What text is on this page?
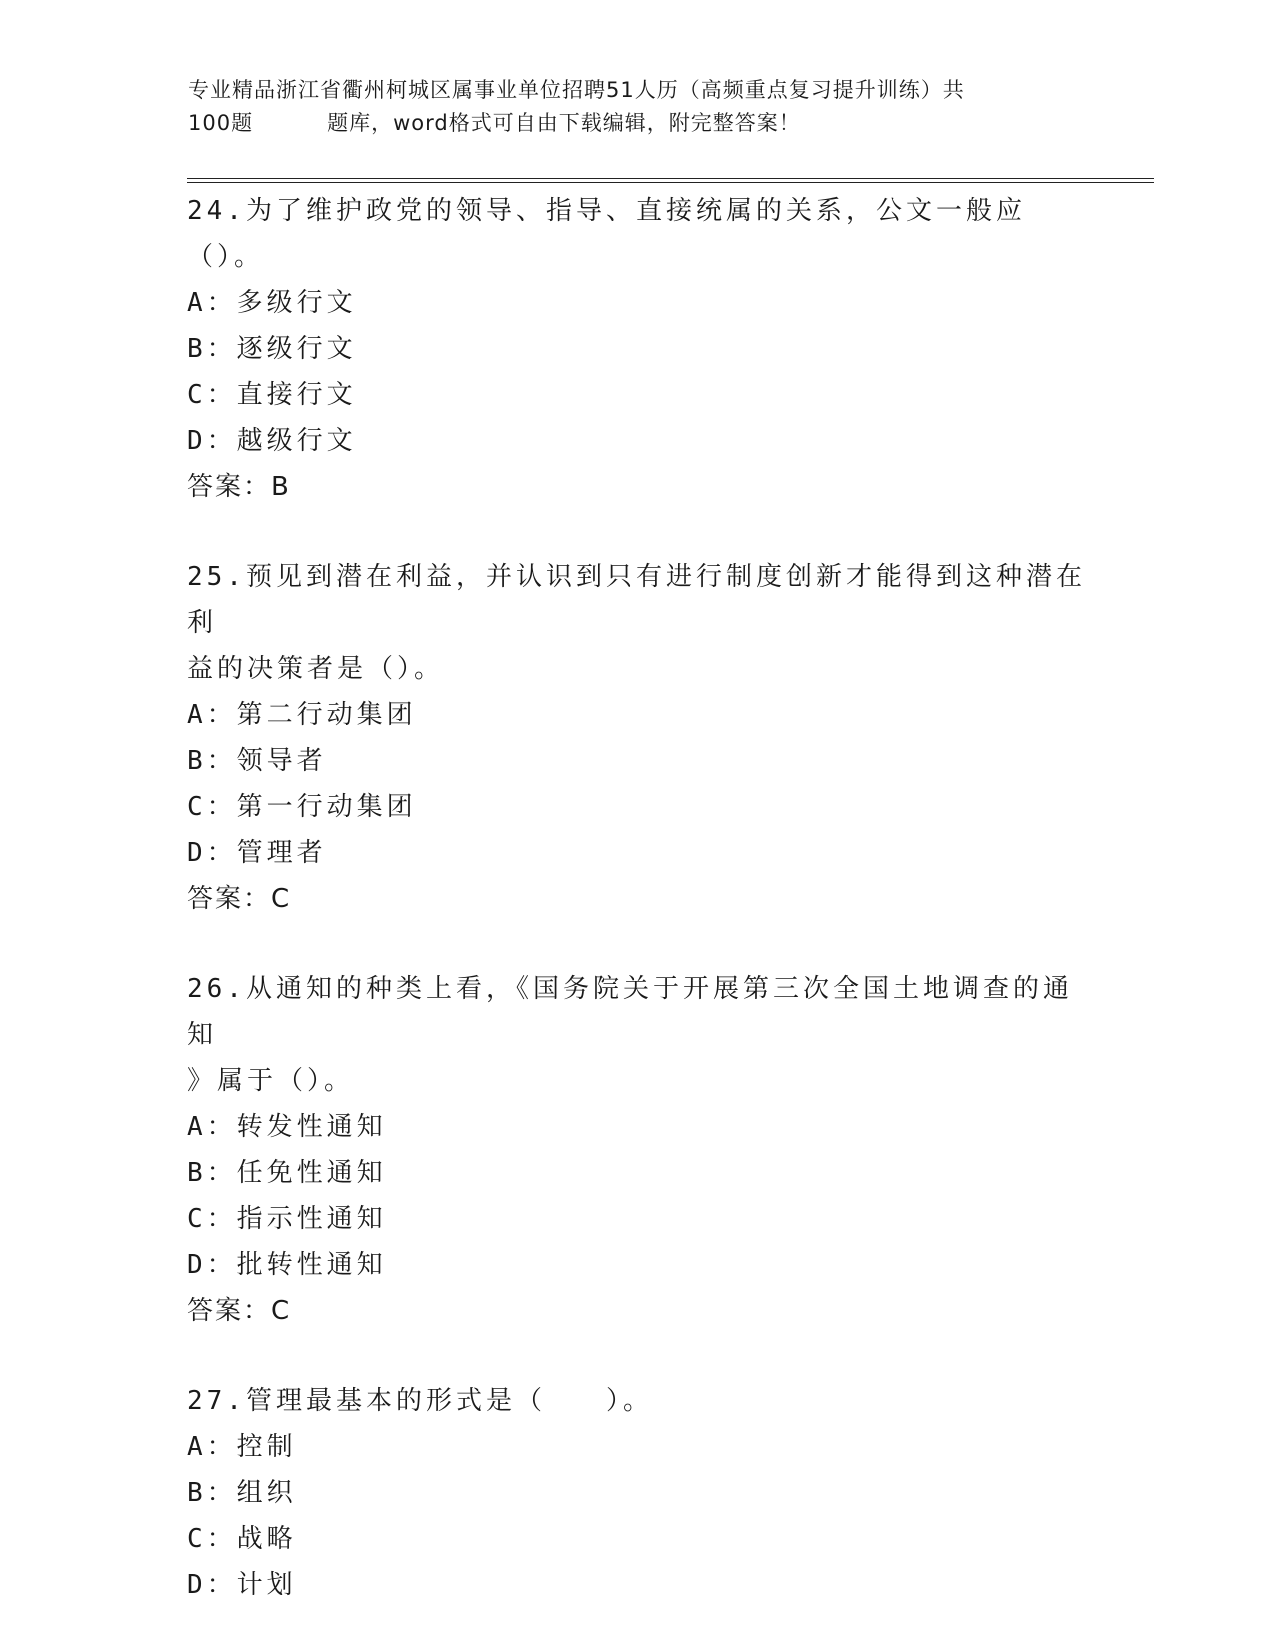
专业精品浙江省衢州柯城区属事业单位招聘51人历（高频重点复习提升训练）共
100题	题库，word格式可自由下载编辑，附完整答案！
24.为了维护政党的领导、指导、直接统属的关系，公文一般应（）。
A：多级行文
B：逐级行文
C：直接行文
D：越级行文
答案：B
25.预见到潜在利益，并认识到只有进行制度创新才能得到这种潜在利
益的决策者是（）。
A：第二行动集团
B：领导者
C：第一行动集团
D：管理者
答案：C
26.从通知的种类上看，《国务院关于开展第三次全国土地调查的通知
》属于（）。
A：转发性通知
B：任免性通知
C：指示性通知
D：批转性通知
答案：C
27.管理最基本的形式是（　　）。
A：控制
B：组织
C：战略
D：计划
